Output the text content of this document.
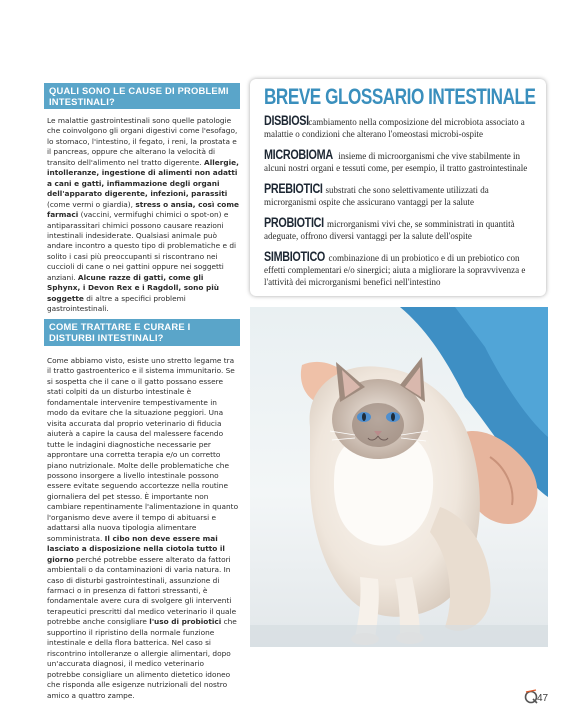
QUALI SONO LE CAUSE DI PROBLEMI INTESTINALI?

Le malattie gastrointestinali sono quelle patologie che coinvolgono gli organi digestivi come l'esofago, lo stomaco, l'intestino, il fegato, i reni, la prostata e il pancreas, oppure che alterano la velocità di transito dell'alimento nel tratto digerente. Allergie, intolleranze, ingestione di alimenti non adatti a cani e gatti, infiammazione degli organi dell'apparato digerente, infezioni, parassiti (come vermi o giardia), stress o ansia, così come farmaci (vaccini, vermifughi chimici o spot-on) e antiparassitari chimici possono causare reazioni intestinali indesiderate. Qualsiasi animale può andare incontro a questo tipo di problematiche e di solito i casi più preoccupanti si riscontrano nei cuccioli di cane o nei gattini oppure nei soggetti anziani. Alcune razze di gatti, come gli Sphynx, i Devon Rex e i Ragdoll, sono più soggette di altre a specifici problemi gastrointestinali.

COME TRATTARE E CURARE I DISTURBI INTESTINALI?

Come abbiamo visto, esiste uno stretto legame tra il tratto gastroenterico e il sistema immunitario. Se si sospetta che il cane o il gatto possano essere stati colpiti da un disturbo intestinale è fondamentale intervenire tempestivamente in modo da evitare che la situazione peggiori. Una visita accurata dal proprio veterinario di fiducia aiuterà a capire la causa del malessere facendo tutte le indagini diagnostiche necessarie per approntare una corretta terapia e/o un corretto piano nutrizionale. Molte delle problematiche che possono insorgere a livello intestinale possono essere evitate seguendo accortezze nella routine giornaliera del pet stesso. È importante non cambiare repentinamente l'alimentazione in quanto l'organismo deve avere il tempo di abituarsi e adattarsi alla nuova tipologia alimentare somministrata. Il cibo non deve essere mai lasciato a disposizione nella ciotola tutto il giorno perché potrebbe essere alterato da fattori ambientali o da contaminazioni di varia natura. In caso di disturbi gastrointestinali, assunzione di farmaci o in presenza di fattori stressanti, è fondamentale avere cura di svolgere gli interventi terapeutici prescritti dal medico veterinario il quale potrebbe anche consigliare l'uso di probiotici che supportino il ripristino della normale funzione intestinale e della flora batterica. Nel caso si riscontrino intolleranze o allergie alimentari, dopo un'accurata diagnosi, il medico veterinario potrebbe consigliare un alimento dietetico idoneo che risponda alle esigenze nutrizionali del nostro amico a quattro zampe.

BREVE GLOSSARIO INTESTINALE

DISBIOSI cambiamento nella composizione del microbiota associato a malattie o condizioni che alterano l'omeostasi microbi-ospite

MICROBIOMA insieme di microorganismi che vive stabilmente in alcuni nostri organi e tessuti come, per esempio, il tratto gastrointestinale

PREBIOTICI substrati che sono selettivamente utilizzati da microrganismi ospite che assicurano vantaggi per la salute

PROBIOTICI microrganismi vivi che, se somministrati in quantità adeguate, offrono diversi vantaggi per la salute dell'ospite

SIMBIOTICO combinazione di un probiotico e di un prebiotico con effetti complementari e/o sinergici; aiuta a migliorare la sopravvivenza e l'attività dei microrganismi benefici nell'intestino

47
